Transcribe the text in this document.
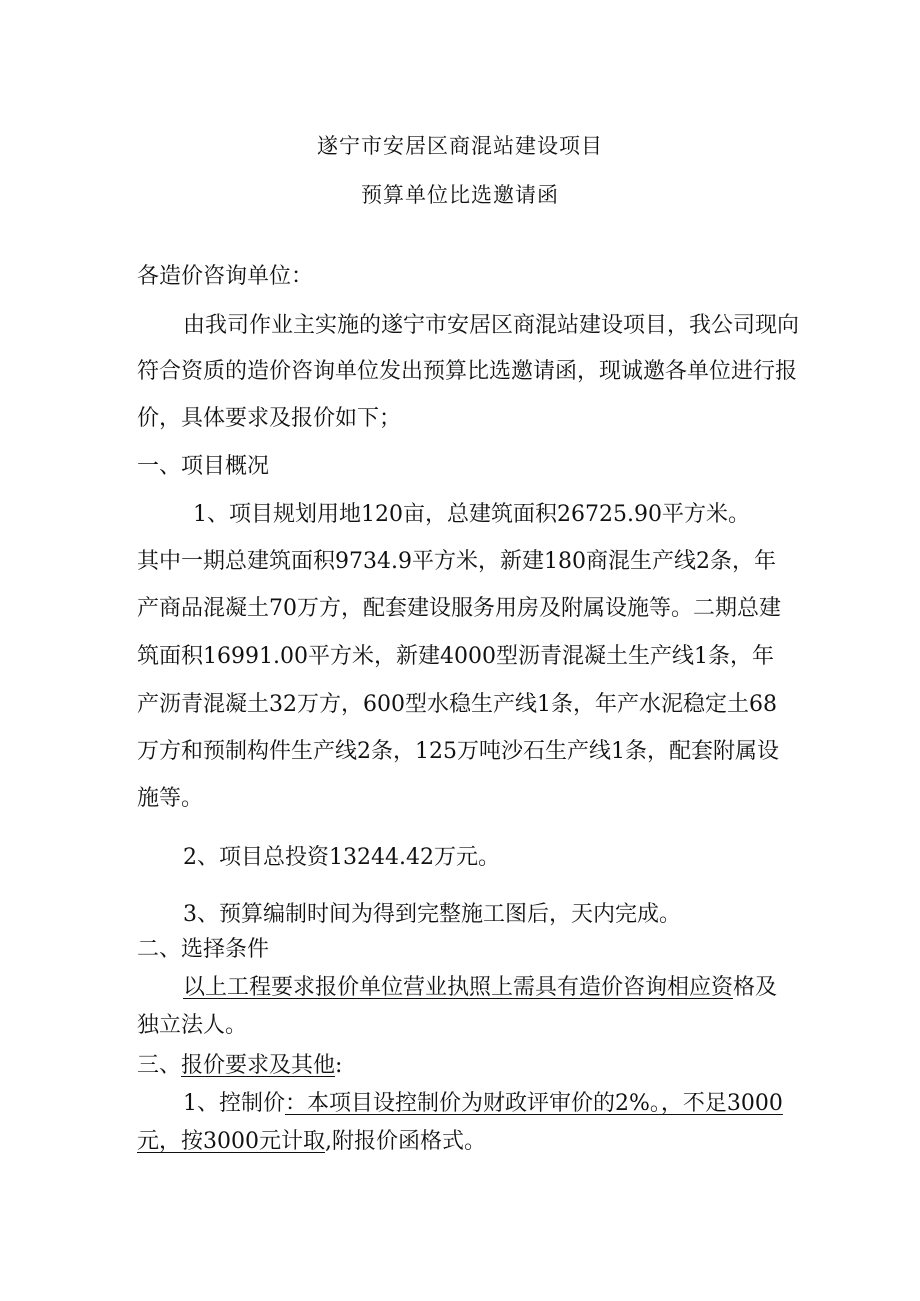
遂宁市安居区商混站建设项目
预算单位比选邀请函
各造价咨询单位：
由我司作业主实施的遂宁市安居区商混站建设项目，我公司现向
符合资质的造价咨询单位发出预算比选邀请函，现诚邀各单位进行报
价，具体要求及报价如下；
一、项目概况
1、项目规划用地120亩，总建筑面积26725.90平方米。
其中一期总建筑面积9734.9平方米，新建180商混生产线2条，年
产商品混凝土70万方，配套建设服务用房及附属设施等。二期总建
筑面积16991.00平方米，新建4000型沥青混凝土生产线1条，年
产沥青混凝土32万方，600型水稳生产线1条，年产水泥稳定土68
万方和预制构件生产线2条，125万吨沙石生产线1条，配套附属设
施等。
2、项目总投资13244.42万元。
3、预算编制时间为得到完整施工图后，天内完成。
二、选择条件
以上工程要求报价单位营业执照上需具有造价咨询相应资格及
独立法人。
三、报价要求及其他:
1、控制价：本项目设控制价为财政评审价的2%。，不足3000
元，按3000元计取,附报价函格式。
